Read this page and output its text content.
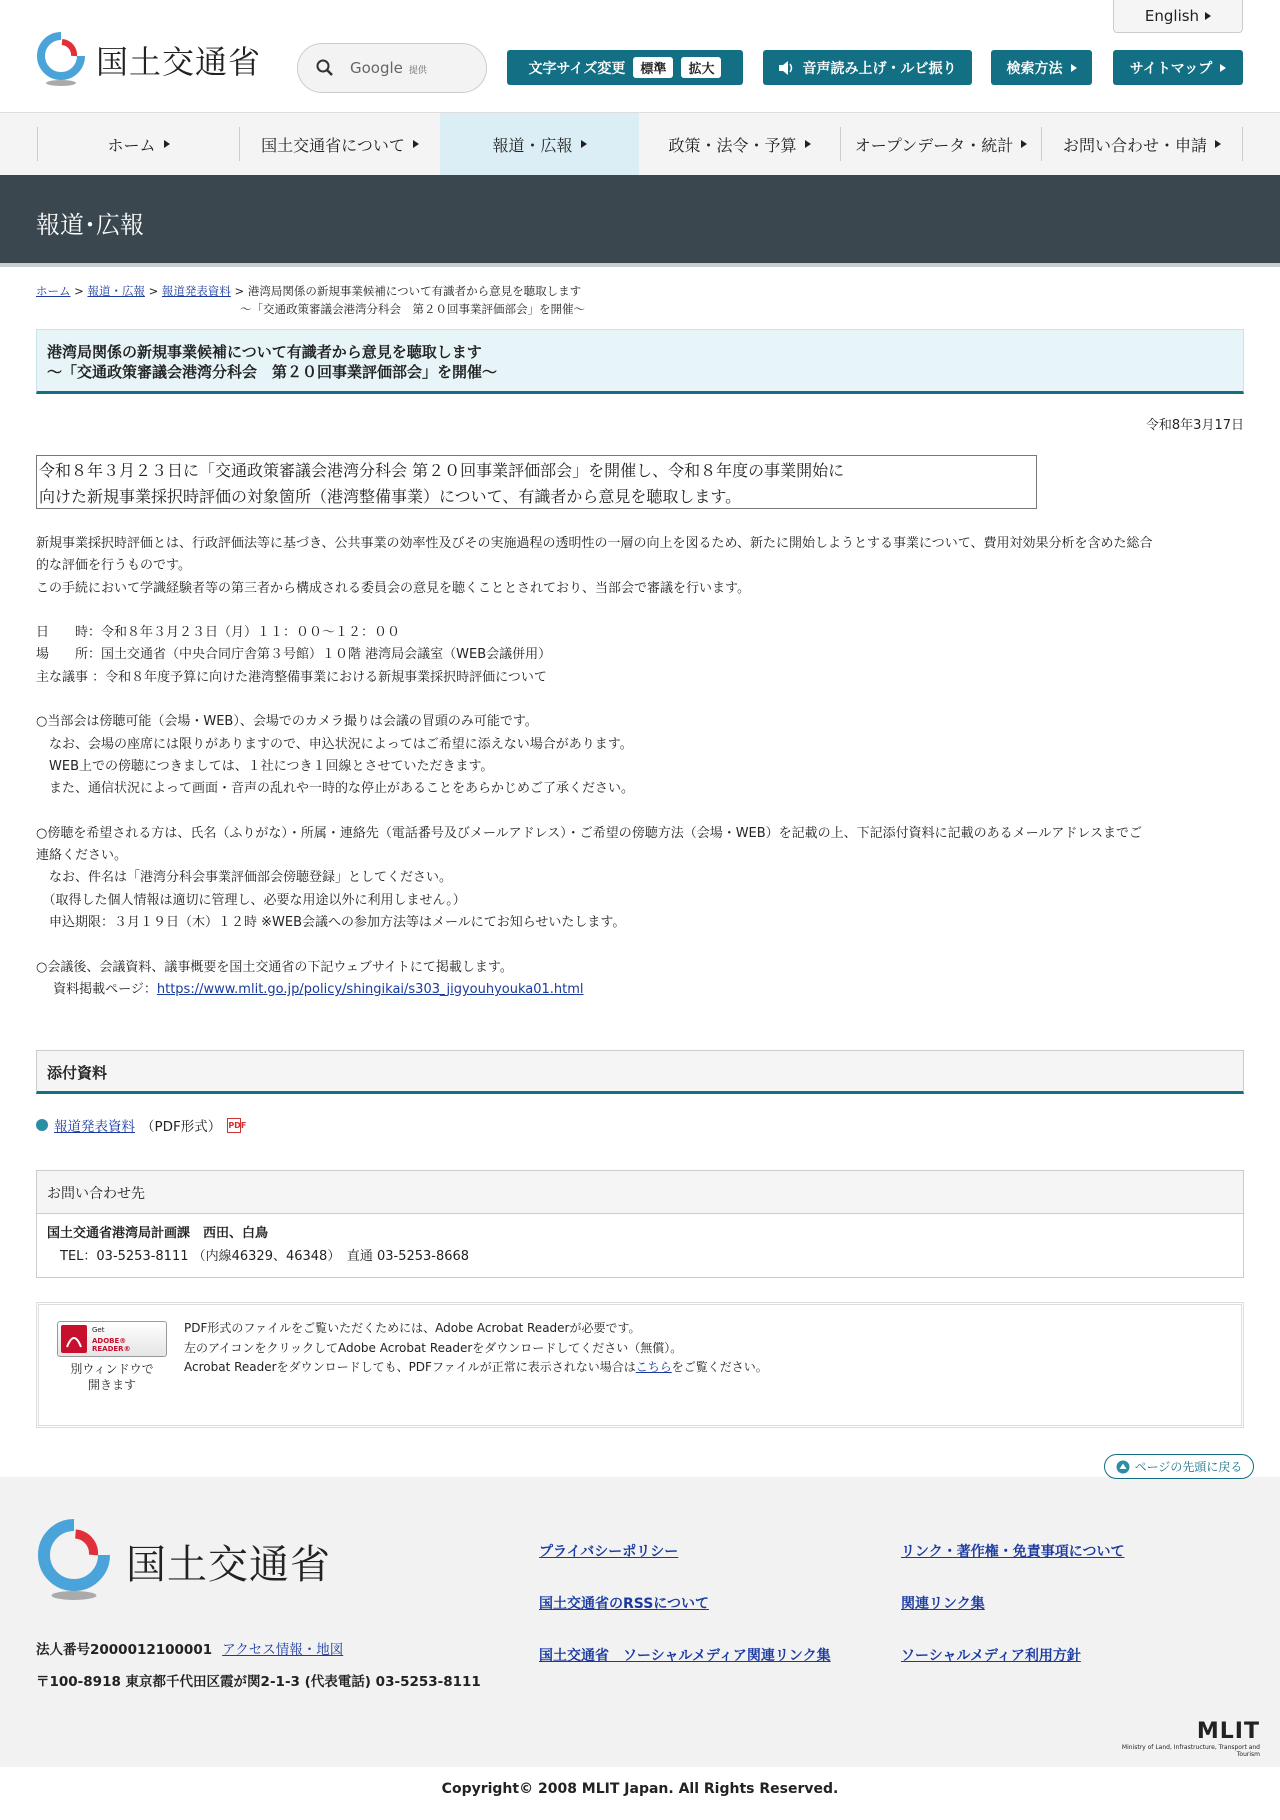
国土交通省
English
Google 提供	文字サイズ変更	標準	拡大	音声読み上げ・ルビ振り	検索方法	サイトマップ
ホーム	国土交通省について	報道・広報	政策・法令・予算	オープンデータ・統計	お問い合わせ・申請
報道･広報
ホーム > 報道・広報 > 報道発表資料 > 港湾局関係の新規事業候補について有識者から意見を聴取します
～「交通政策審議会港湾分科会　第２０回事業評価部会」を開催～
港湾局関係の新規事業候補について有識者から意見を聴取します
～「交通政策審議会港湾分科会　第２０回事業評価部会」を開催～
令和8年3月17日
令和８年３月２３日に「交通政策審議会港湾分科会 第２０回事業評価部会」を開催し、令和８年度の事業開始に
向けた新規事業採択時評価の対象箇所（港湾整備事業）について、有識者から意見を聴取します。
新規事業採択時評価とは、行政評価法等に基づき、公共事業の効率性及びその実施過程の透明性の一層の向上を図るため、新たに開始しようとする事業について、費用対効果分析を含めた総合
的な評価を行うものです。
この手続において学識経験者等の第三者から構成される委員会の意見を聴くこととされており、当部会で審議を行います。
日　　時：令和８年３月２３日（月）１１：００～１２：００
場　　所：国土交通省（中央合同庁舎第３号館）１０階 港湾局会議室（WEB会議併用）
主な議事 ：令和８年度予算に向けた港湾整備事業における新規事業採択時評価について
○当部会は傍聴可能（会場・WEB）、会場でのカメラ撮りは会議の冒頭のみ可能です。
　なお、会場の座席には限りがありますので、申込状況によってはご希望に添えない場合があります。
　WEB上での傍聴につきましては、１社につき１回線とさせていただきます。
　また、通信状況によって画面・音声の乱れや一時的な停止があることをあらかじめご了承ください。
○傍聴を希望される方は、氏名（ふりがな）・所属・連絡先（電話番号及びメールアドレス）・ご希望の傍聴方法（会場・WEB）を記載の上、下記添付資料に記載のあるメールアドレスまでご
連絡ください。
　なお、件名は「港湾分科会事業評価部会傍聴登録」としてください。
　（取得した個人情報は適切に管理し、必要な用途以外に利用しません。）
　申込期限：３月１９日（木）１２時 ※WEB会議への参加方法等はメールにてお知らせいたします。
○会議後、会議資料、議事概要を国土交通省の下記ウェブサイトにて掲載します。
　 資料掲載ページ：https://www.mlit.go.jp/policy/shingikai/s303_jigyouhyouka01.html
添付資料
報道発表資料 （PDF形式） PDF
お問い合わせ先
国土交通省港湾局計画課　西田、白鳥
　TEL：03-5253-8111 （内線46329、46348）　直通 03-5253-8668
Get
ADOBE® READER®
別ウィンドウで
開きます
PDF形式のファイルをご覧いただくためには、Adobe Acrobat Readerが必要です。
左のアイコンをクリックしてAdobe Acrobat Readerをダウンロードしてください（無償）。
Acrobat Readerをダウンロードしても、PDFファイルが正常に表示されない場合はこちらをご覧ください。
国土交通省
法人番号2000012100001 アクセス情報・地図
〒100-8918 東京都千代田区霞が関2-1-3 (代表電話) 03-5253-8111
プライバシーポリシー	リンク・著作権・免責事項について
国土交通省のRSSについて	関連リンク集
国土交通省　ソーシャルメディア関連リンク集	ソーシャルメディア利用方針
MLIT
Ministry of Land, Infrastructure, Transport and Tourism
ページの先頭に戻る
Copyright© 2008 MLIT Japan. All Rights Reserved.
